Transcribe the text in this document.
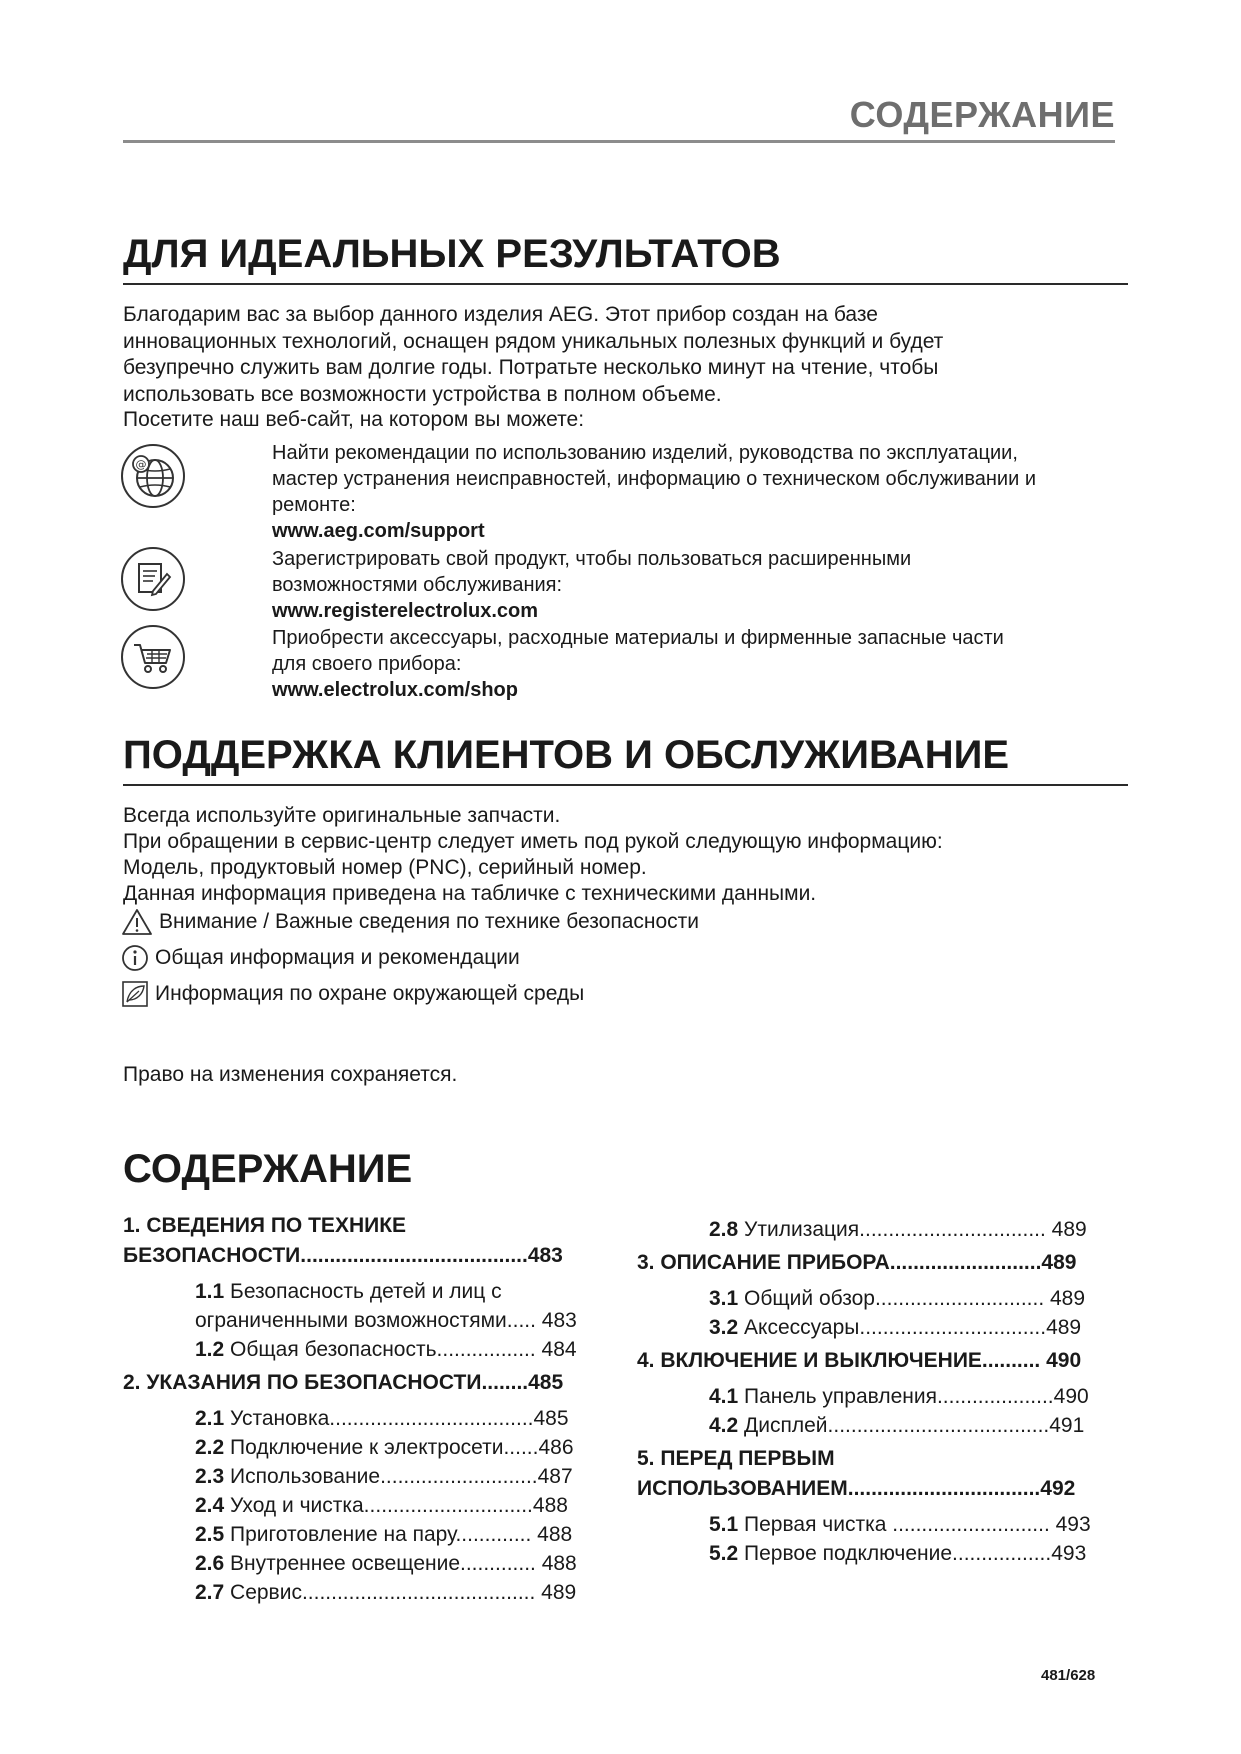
СОДЕРЖАНИЕ
ДЛЯ ИДЕАЛЬНЫХ РЕЗУЛЬТАТОВ
Благодарим вас за выбор данного изделия AEG. Этот прибор создан на базе
инновационных технологий, оснащен рядом уникальных полезных функций и будет
безупречно служить вам долгие годы. Потратьте несколько минут на чтение, чтобы
использовать все возможности устройства в полном объеме.
Посетите наш веб-сайт, на котором вы можете:
@
Найти рекомендации по использованию изделий, руководства по эксплуатации,
мастер устранения неисправностей, информацию о техническом обслуживании и
ремонте:
www.aeg.com/support
Зарегистрировать свой продукт, чтобы пользоваться расширенными
возможностями обслуживания:
www.registerelectrolux.com
Приобрести аксессуары, расходные материалы и фирменные запасные части
для своего прибора:
www.electrolux.com/shop
ПОДДЕРЖКА КЛИЕНТОВ И ОБСЛУЖИВАНИЕ
Всегда используйте оригинальные запчасти.
При обращении в сервис-центр следует иметь под рукой следующую информацию:
Модель, продуктовый номер (PNC), серийный номер.
Данная информация приведена на табличке с техническими данными.
Внимание / Важные сведения по технике безопасности
Общая информация и рекомендации
Информация по охране окружающей среды
Право на изменения сохраняется.
СОДЕРЖАНИЕ
1. СВЕДЕНИЯ ПО ТЕХНИКЕ
БЕЗОПАСНОСТИ.......................................483
1.1 Безопасность детей и лиц с
ограниченными возможностями..... 483
1.2 Общая безопасность................. 484
2. УКАЗАНИЯ ПО БЕЗОПАСНОСТИ........485
2.1 Установка...................................485
2.2 Подключение к электросети......486
2.3 Использование...........................487
2.4 Уход и чистка.............................488
2.5 Приготовление на пару............. 488
2.6 Внутреннее освещение............. 488
2.7 Сервис........................................ 489
2.8 Утилизация................................ 489
3. ОПИСАНИЕ ПРИБОРА..........................489
3.1 Общий обзор............................. 489
3.2 Аксессуары................................489
4. ВКЛЮЧЕНИЕ И ВЫКЛЮЧЕНИЕ.......... 490
4.1 Панель управления....................490
4.2 Дисплей......................................491
5. ПЕРЕД ПЕРВЫМ
ИСПОЛЬЗОВАНИЕМ.................................492
5.1 Первая чистка ........................... 493
5.2 Первое подключение.................493
481/628
